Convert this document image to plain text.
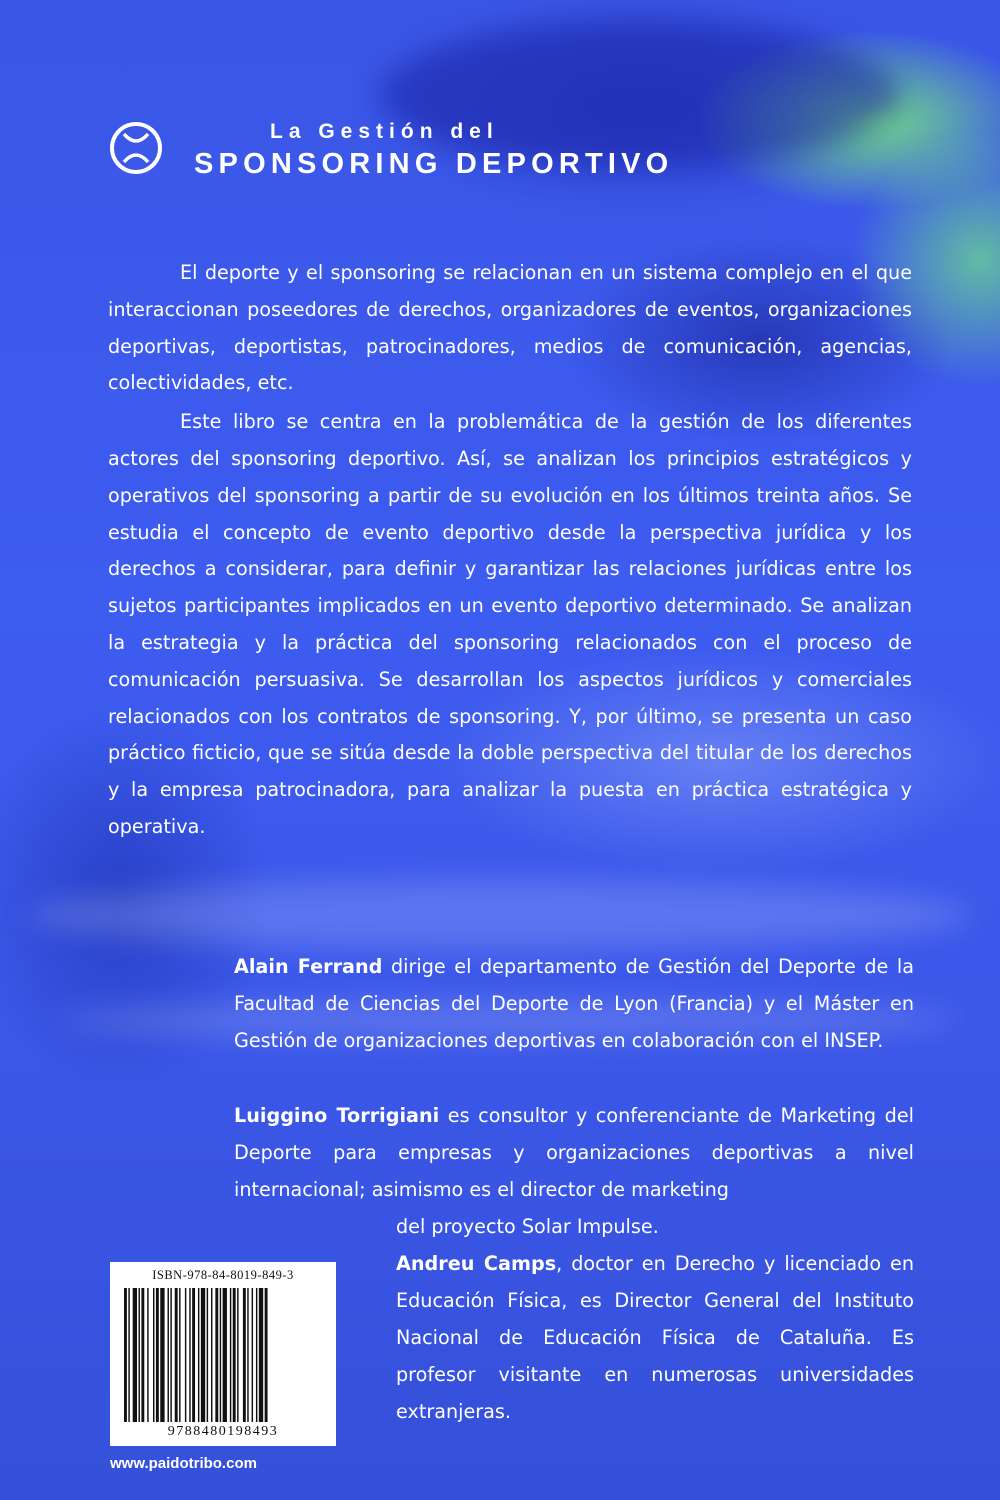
La Gestión del
SPONSORING DEPORTIVO

El deporte y el sponsoring se relacionan en un sistema complejo en el que interaccionan poseedores de derechos, organizadores de eventos, organizaciones deportivas, deportistas, patrocinadores, medios de comunicación, agencias, colectividades, etc.

Este libro se centra en la problemática de la gestión de los diferentes actores del sponsoring deportivo. Así, se analizan los principios estratégicos y operativos del sponsoring a partir de su evolución en los últimos treinta años. Se estudia el concepto de evento deportivo desde la perspectiva jurídica y los derechos a considerar, para definir y garantizar las relaciones jurídicas entre los sujetos participantes implicados en un evento deportivo determinado. Se analizan la estrategia y la práctica del sponsoring relacionados con el proceso de comunicación persuasiva. Se desarrollan los aspectos jurídicos y comerciales relacionados con los contratos de sponsoring. Y, por último, se presenta un caso práctico ficticio, que se sitúa desde la doble perspectiva del titular de los derechos y la empresa patrocinadora, para analizar la puesta en práctica estratégica y operativa.

Alain Ferrand dirige el departamento de Gestión del Deporte de la Facultad de Ciencias del Deporte de Lyon (Francia) y el Máster en Gestión de organizaciones deportivas en colaboración con el INSEP.
Luiggino Torrigiani es consultor y conferenciante de Marketing del Deporte para empresas y organizaciones deportivas a nivel internacional; asimismo es el director de marketing
del proyecto Solar Impulse.
Andreu Camps, doctor en Derecho y licenciado en Educación Física, es Director General del Instituto Nacional de Educación Física de Cataluña. Es profesor visitante en numerosas universidades extranjeras.
ISBN-978-84-8019-849-3
9788480198493
www.paidotribo.com
